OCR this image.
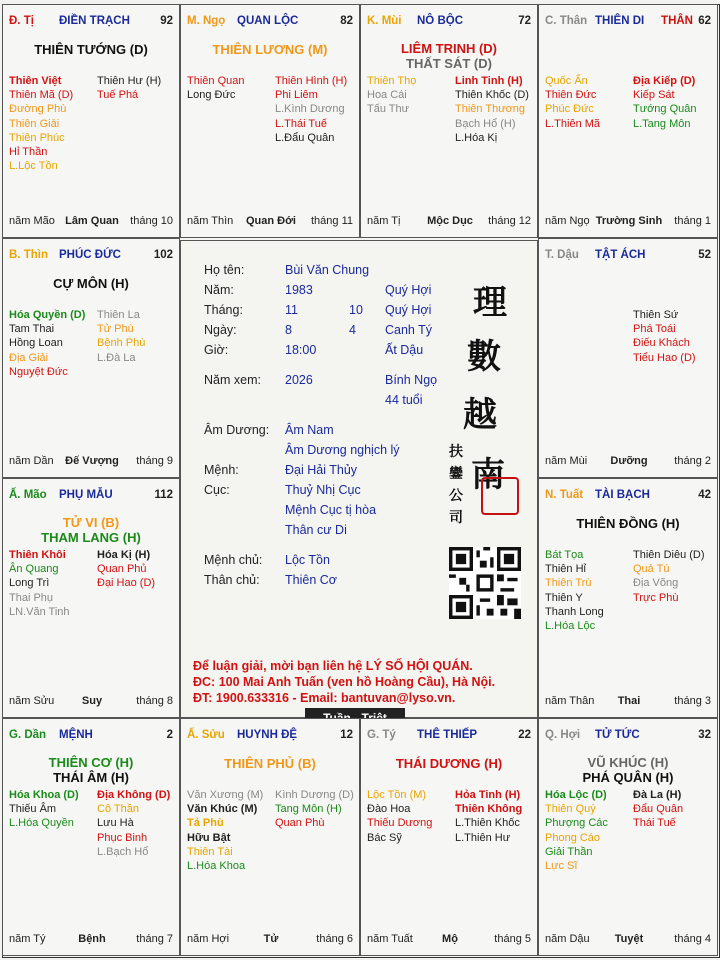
Họ tên:	Bùi Văn Chung
Năm:	1983	Quý Hợi
Tháng:	11	10 Quý Hợi
Ngày:	8	4 Canh Tý
Giờ:	18:00	Ất Dậu
Năm xem: 2026	Bính Ngọ
44 tuổi
Âm Dương: Âm Nam
Âm Dương nghịch lý
Mệnh:	Đại Hải Thủy
Cục:	Thuỷ Nhị Cục
Mệnh Cục tị hòa
Thân cư Di
Mệnh chủ: Lộc Tồn
Thân chủ: Thiên Cơ
理
數
越
南
扶
鑾
公
司
Để luận giải, mời bạn liên hệ LÝ SỐ HỘI QUÁN.
ĐC: 100 Mai Anh Tuấn (ven hồ Hoàng Cầu), Hà Nội.
ĐT: 1900.633316 - Email: bantuvan@lyso.vn.
Đ. Tị ĐIỀN TRẠCH	92
THIÊN TƯỚNG (D)
Thiên Việt
Thiên Mã (D)
Đường Phù
Thiên Giải
Thiên Phúc
Hỉ Thần
L.Lộc Tồn
Thiên Hư (H)
Tuế Phá
năm Mão Lâm Quan	tháng 10
M. Ngọ QUAN LỘC	82
THIÊN LƯƠNG (M)
Thiên Quan
Long Đức
Thiên Hình (H)
Phi Liêm
L.Kình Dương
L.Thái Tuế
L.Đẩu Quân
năm Thìn	Quan Đới	tháng 11
K. Mùi NÔ BỘC	72
LIÊM TRINH (D)
THẤT SÁT (D)
Thiên Thọ
Hoa Cái
Tấu Thư
Linh Tinh (H)
Thiên Khốc (D)
Thiên Thương
Bạch Hổ (H)
L.Hóa Kị
năm Tị	Mộc Dục	tháng 12
C. Thân THIÊN DI	62
THÂN
Quốc Ấn
Thiên Đức
Phúc Đức
L.Thiên Mã
Địa Kiếp (D)
Kiếp Sát
Tướng Quân
L.Tang Môn
năm Ngọ Trường Sinh	tháng 1
B. Thìn PHÚC ĐỨC	102
CỰ MÔN (H)
Hóa Quyền (D)
Tam Thai
Hồng Loan
Địa Giải
Nguyệt Đức
Thiên La
Tử Phù
Bệnh Phù
L.Đà La
năm Dần	Đế Vượng	tháng 9
T. Dậu TẬT ÁCH	52
Thiên Sứ
Phá Toái
Điếu Khách
Tiểu Hao (D)
năm Mùi	Dưỡng	tháng 2
Ấ. Mão PHỤ MẪU	112
TỬ VI (B)
THAM LANG (H)
Thiên Khôi
Ân Quang
Long Trì
Thai Phụ
LN.Văn Tinh
Hóa Kị (H)
Quan Phủ
Đại Hao (D)
năm Sửu	Suy	tháng 8
N. Tuất TÀI BẠCH	42
THIÊN ĐỒNG (H)
Bát Tọa
Thiên Hỉ
Thiên Trù
Thiên Y
Thanh Long
L.Hóa Lộc
Thiên Diêu (D)
Quả Tú
Địa Võng
Trực Phù
năm Thân	Thai	tháng 3
G. Dần MỆNH	2
THIÊN CƠ (H)
THÁI ÂM (H)
Hóa Khoa (D)
Thiếu Âm
L.Hóa Quyền
Địa Không (D)
Cô Thần
Lưu Hà
Phục Binh
L.Bạch Hổ
năm Tý	Bệnh	tháng 7
Ấ. Sửu HUYNH ĐỆ	12
THIÊN PHỦ (B)
Văn Xương (M)
Văn Khúc (M)
Tả Phù
Hữu Bật
Thiên Tài
L.Hóa Khoa
Kình Dương (D)
Tang Môn (H)
Quan Phù
năm Hợi	Tử	tháng 6
G. Tý THÊ THIẾP	22
THÁI DƯƠNG (H)
Lộc Tồn (M)
Đào Hoa
Thiếu Dương
Bác Sỹ
Hỏa Tinh (H)
Thiên Không
L.Thiên Khốc
L.Thiên Hư
năm Tuất	Mộ	tháng 5
Q. Hợi TỬ TỨC	32
VŨ KHÚC (H)
PHÁ QUÂN (H)
Hóa Lộc (D)
Thiên Quý
Phượng Các
Phong Cáo
Giải Thần
Lực Sĩ
Đà La (H)
Đẩu Quân
Thái Tuế
năm Dậu	Tuyệt	tháng 4
